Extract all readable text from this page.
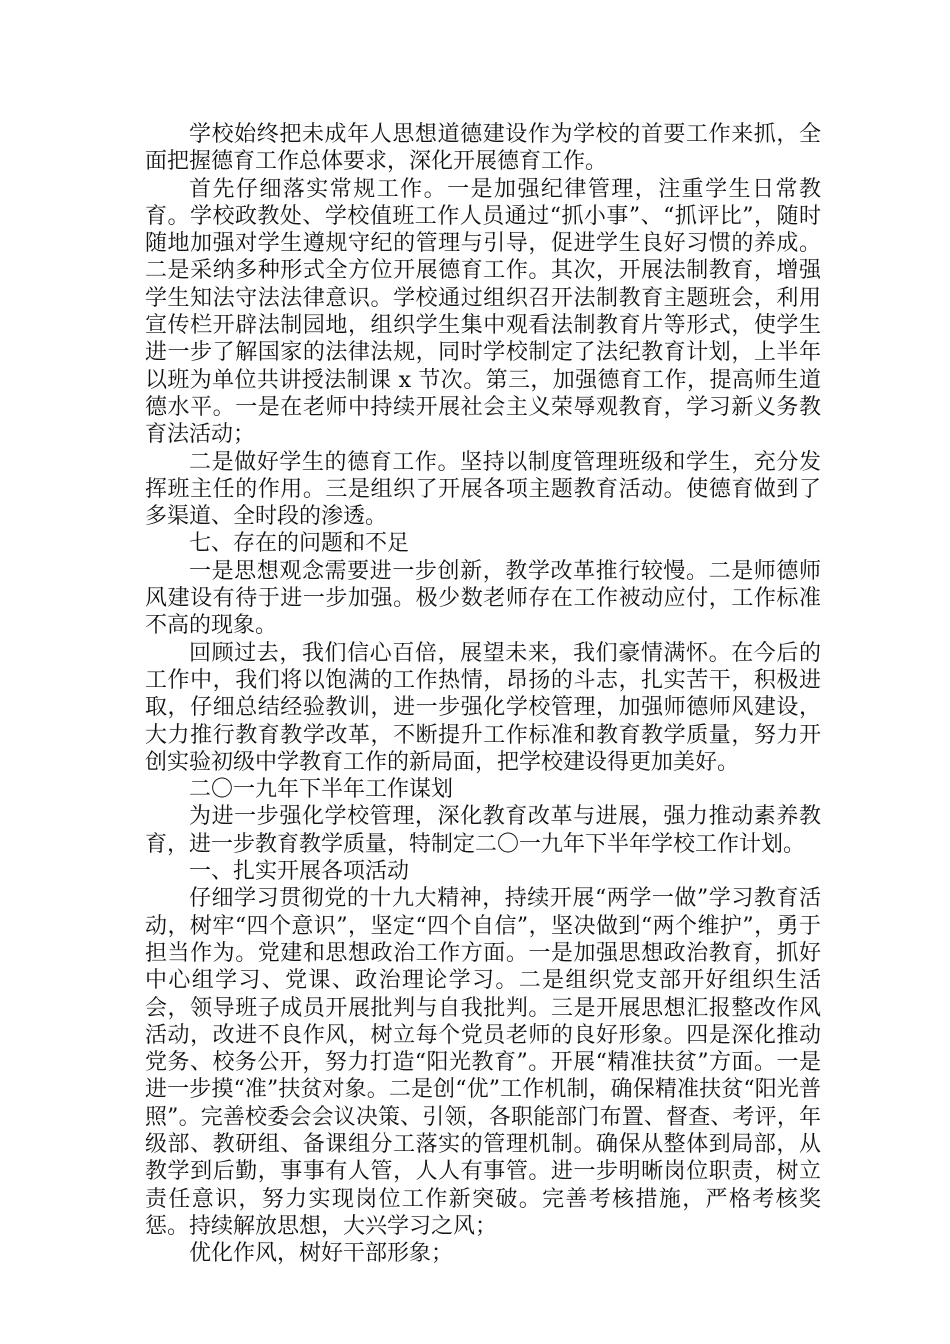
学校始终把未成年人思想道德建设作为学校的首要工作来抓，全面把握德育工作总体要求，深化开展德育工作。

首先仔细落实常规工作。一是加强纪律管理，注重学生日常教育。学校政教处、学校值班工作人员通过“抓小事”、“抓评比”，随时随地加强对学生遵规守纪的管理与引导，促进学生良好习惯的养成。二是采纳多种形式全方位开展德育工作。其次，开展法制教育，增强学生知法守法法律意识。学校通过组织召开法制教育主题班会，利用宣传栏开辟法制园地，组织学生集中观看法制教育片等形式，使学生进一步了解国家的法律法规，同时学校制定了法纪教育计划，上半年以班为单位共讲授法制课 x 节次。第三，加强德育工作，提高师生道德水平。一是在老师中持续开展社会主义荣辱观教育，学习新义务教育法活动；

二是做好学生的德育工作。坚持以制度管理班级和学生，充分发挥班主任的作用。三是组织了开展各项主题教育活动。使德育做到了多渠道、全时段的渗透。

七、存在的问题和不足

一是思想观念需要进一步创新，教学改革推行较慢。二是师德师风建设有待于进一步加强。极少数老师存在工作被动应付，工作标准不高的现象。

回顾过去，我们信心百倍，展望未来，我们豪情满怀。在今后的工作中，我们将以饱满的工作热情，昂扬的斗志，扎实苦干，积极进取，仔细总结经验教训，进一步强化学校管理，加强师德师风建设，大力推行教育教学改革，不断提升工作标准和教育教学质量，努力开创实验初级中学教育工作的新局面，把学校建设得更加美好。

二〇一九年下半年工作谋划

为进一步强化学校管理，深化教育改革与进展，强力推动素养教育，进一步教育教学质量，特制定二〇一九年下半年学校工作计划。

一、扎实开展各项活动

仔细学习贯彻党的十九大精神，持续开展“两学一做”学习教育活动，树牢“四个意识”，坚定“四个自信”，坚决做到“两个维护”，勇于担当作为。党建和思想政治工作方面。一是加强思想政治教育，抓好中心组学习、党课、政治理论学习。二是组织党支部开好组织生活会，领导班子成员开展批判与自我批判。三是开展思想汇报整改作风活动，改进不良作风，树立每个党员老师的良好形象。四是深化推动党务、校务公开，努力打造“阳光教育”。开展“精准扶贫”方面。一是进一步摸“准”扶贫对象。二是创“优”工作机制，确保精准扶贫“阳光普照”。完善校委会会议决策、引领，各职能部门布置、督查、考评，年级部、教研组、备课组分工落实的管理机制。确保从整体到局部，从教学到后勤，事事有人管，人人有事管。进一步明晰岗位职责，树立责任意识，努力实现岗位工作新突破。完善考核措施，严格考核奖惩。持续解放思想，大兴学习之风；

优化作风，树好干部形象；
